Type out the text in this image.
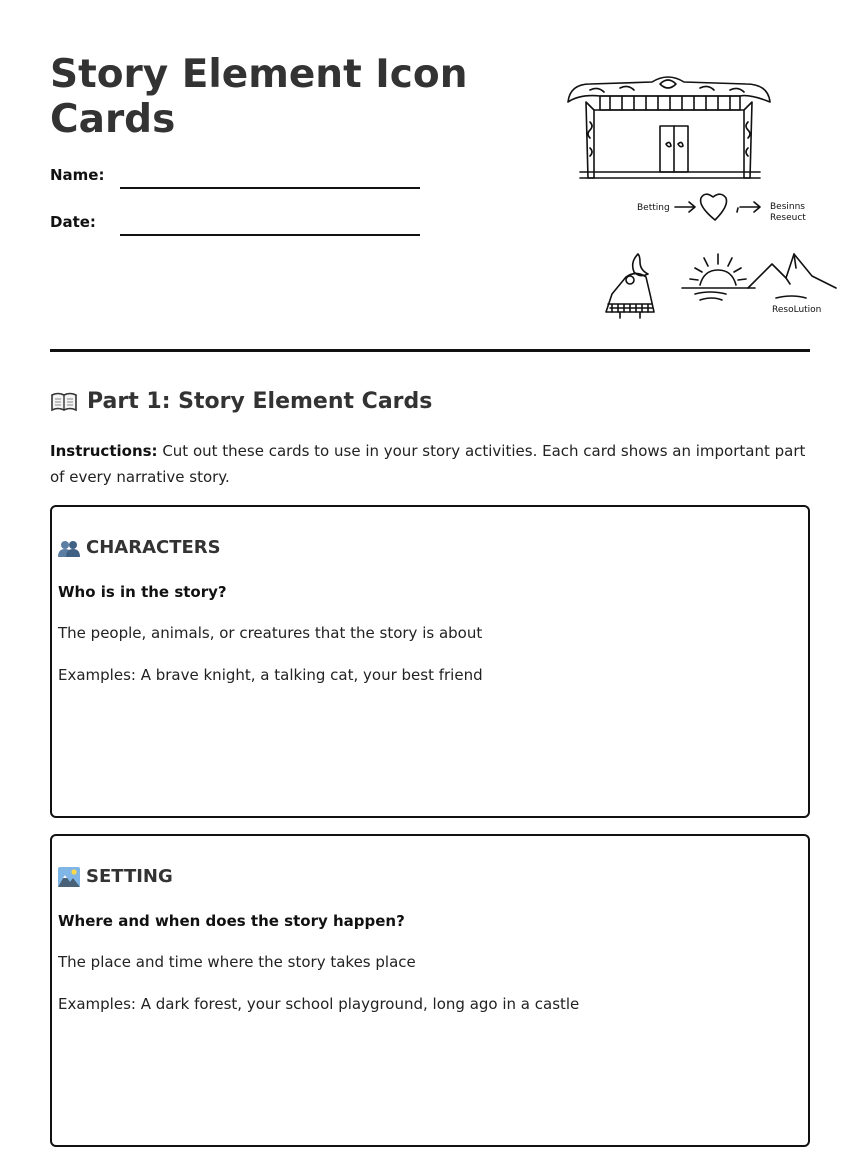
Story Element Icon Cards
Name:
Date:
Betting	Besinns
Reseuct
ResoLution
Part 1: Story Element Cards

Instructions: Cut out these cards to use in your story activities. Each card shows an important part of every narrative story.

CHARACTERS
Who is in the story?
The people, animals, or creatures that the story is about
Examples: A brave knight, a talking cat, your best friend
SETTING
Where and when does the story happen?
The place and time where the story takes place
Examples: A dark forest, your school playground, long ago in a castle
